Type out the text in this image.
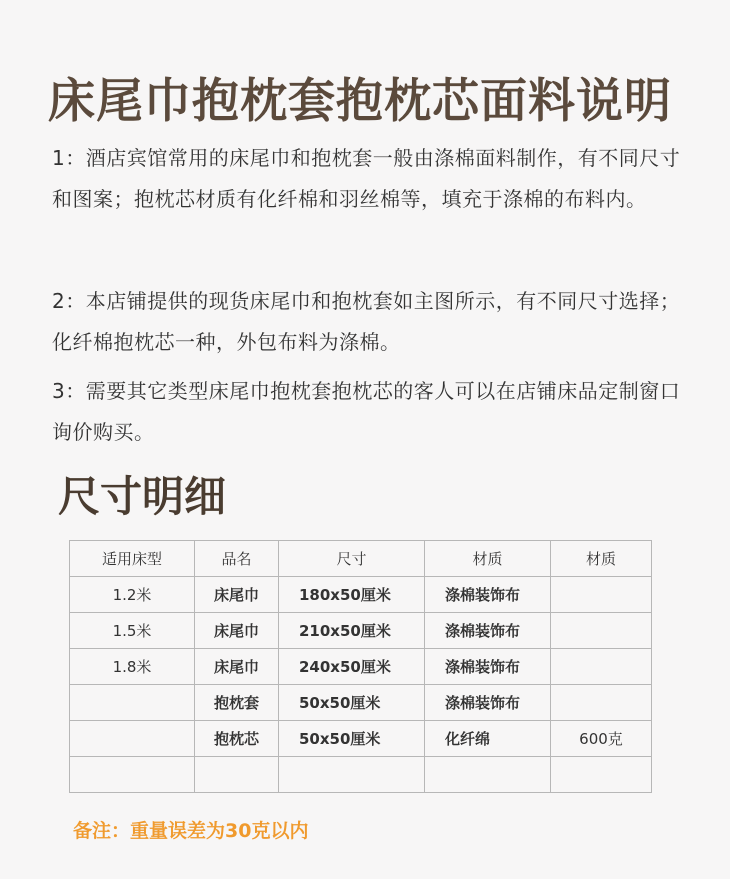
床尾巾抱枕套抱枕芯面料说明
1：酒店宾馆常用的床尾巾和抱枕套一般由涤棉面料制作，有不同尺寸和图案；抱枕芯材质有化纤棉和羽丝棉等，填充于涤棉的布料内。
2：本店铺提供的现货床尾巾和抱枕套如主图所示，有不同尺寸选择；化纤棉抱枕芯一种，外包布料为涤棉。
3：需要其它类型床尾巾抱枕套抱枕芯的客人可以在店铺床品定制窗口询价购买。
尺寸明细
适用床型	品名	尺寸	材质	材质
1.2米	床尾巾	180x50厘米	涤棉装饰布	
1.5米	床尾巾	210x50厘米	涤棉装饰布	
1.8米	床尾巾	240x50厘米	涤棉装饰布	
	抱枕套	50x50厘米	涤棉装饰布	
	抱枕芯	50x50厘米	化纤绵	600克

备注：重量误差为30克以内
